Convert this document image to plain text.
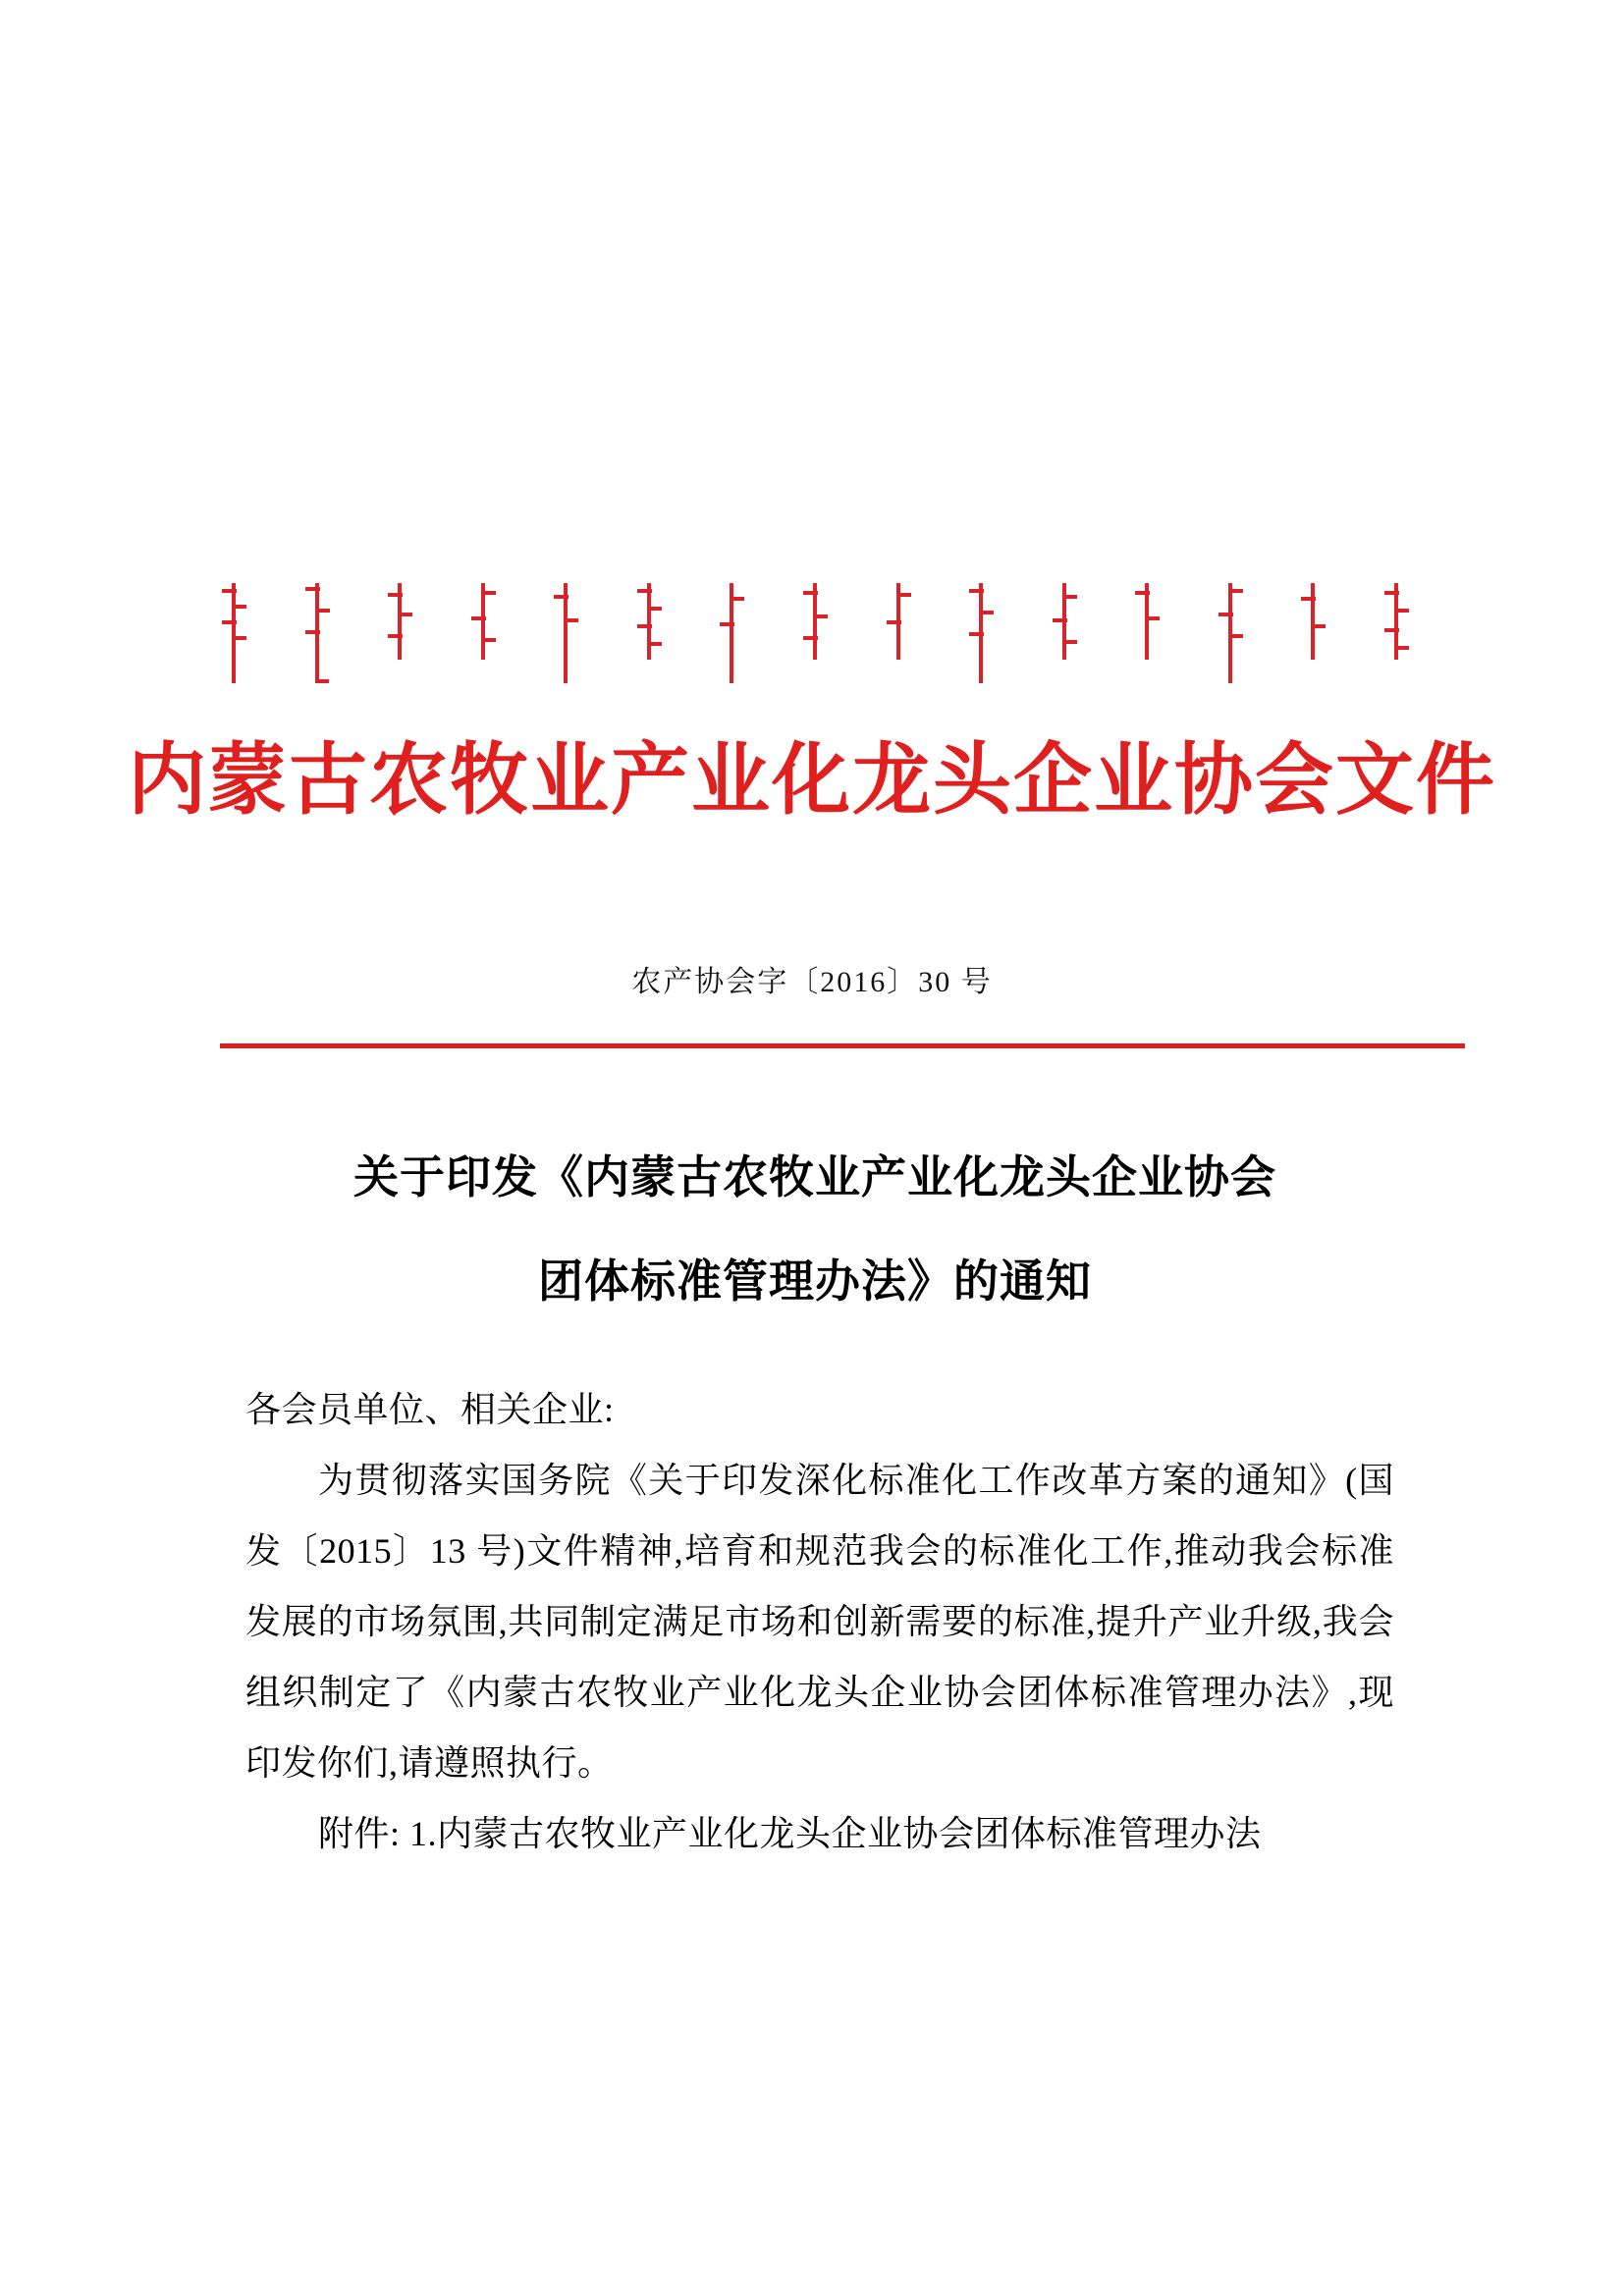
内蒙古农牧业产业化龙头企业协会文件
农产协会字〔2016〕30 号
关于印发《内蒙古农牧业产业化龙头企业协会
团体标准管理办法》的通知

各会员单位、相关企业:

为贯彻落实国务院《关于印发深化标准化工作改革方案的通知》(国发〔2015〕13 号)文件精神,培育和规范我会的标准化工作,推动我会标准发展的市场氛围,共同制定满足市场和创新需要的标准,提升产业升级,我会组织制定了《内蒙古农牧业产业化龙头企业协会团体标准管理办法》,现印发你们,请遵照执行。

附件: 1.内蒙古农牧业产业化龙头企业协会团体标准管理办法
